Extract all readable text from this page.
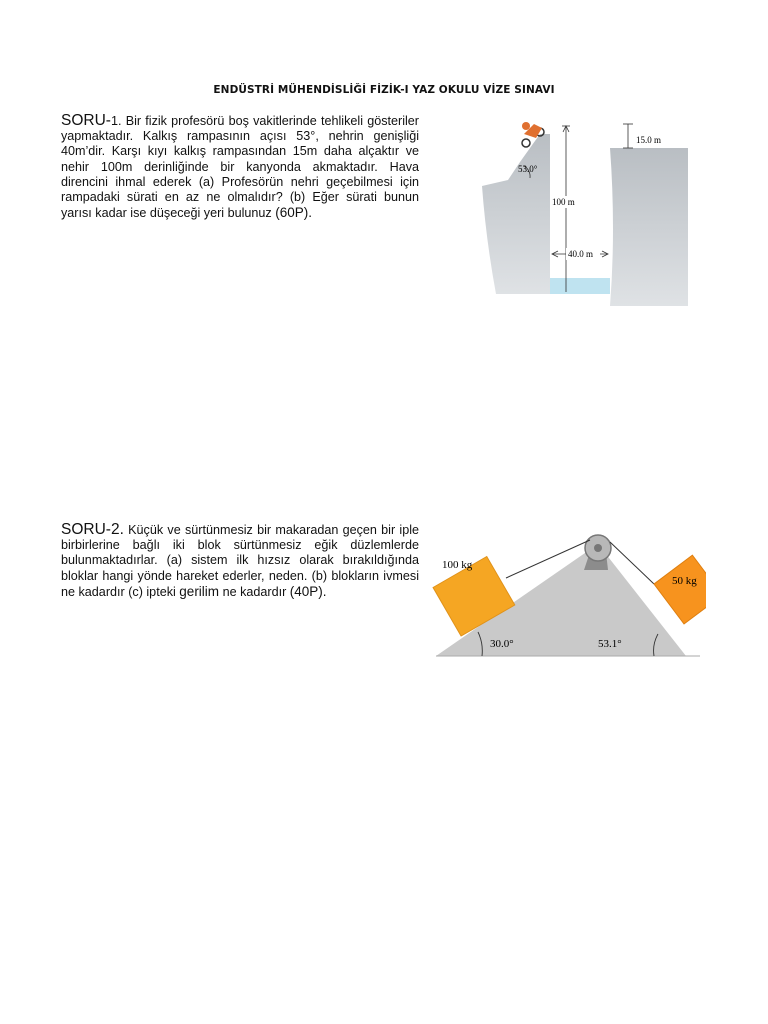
ENDÜSTRİ MÜHENDİSLİĞİ FİZİK-I YAZ OKULU VİZE SINAVI
SORU-1. Bir fizik profesörü boş vakitlerinde tehlikeli gösteriler yapmaktadır. Kalkış rampasının açısı 53°, nehrin genişliği 40m’dir. Karşı kıyı kalkış rampasından 15m daha alçaktır ve nehir 100m derinliğinde bir kanyonda akmaktadır. Hava direncini ihmal ederek (a) Profesörün nehri geçebilmesi için rampadaki sürati en az ne olmalıdır? (b) Eğer sürati bunun yarısı kadar ise düşeceği yeri bulunuz (60P).
53.0°
100 m
15.0 m
40.0 m
SORU-2. Küçük ve sürtünmesiz bir makaradan geçen bir iple birbirlerine bağlı iki blok sürtünmesiz eğik düzlemlerde bulunmaktadırlar. (a) sistem ilk hızsız olarak bırakıldığında bloklar hangi yönde hareket ederler, neden. (b) blokların ivmesi ne kadardır (c) ipteki gerilim ne kadardır (40P).
100 kg
50 kg
30.0°	53.1°
